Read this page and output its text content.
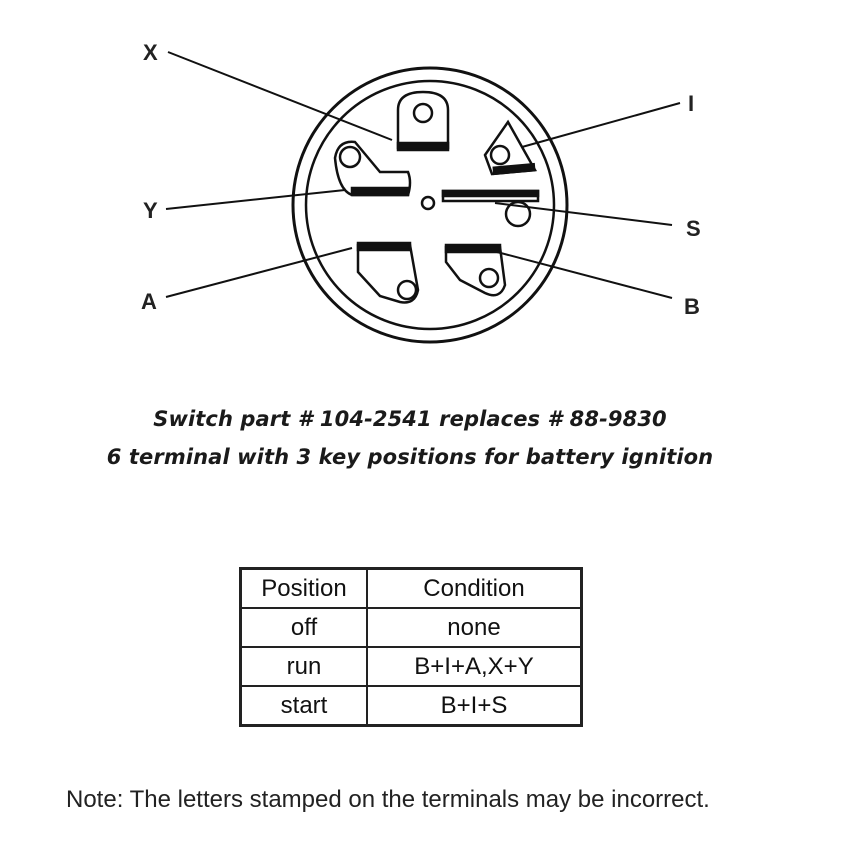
X
I
Y
S
A	B
Switch part # 104-2541 replaces # 88-9830
6 terminal with 3 key positions for battery ignition
Position	Condition
off	none
run	B+I+A,X+Y
start	B+I+S
Note: The letters stamped on the terminals may be incorrect.
